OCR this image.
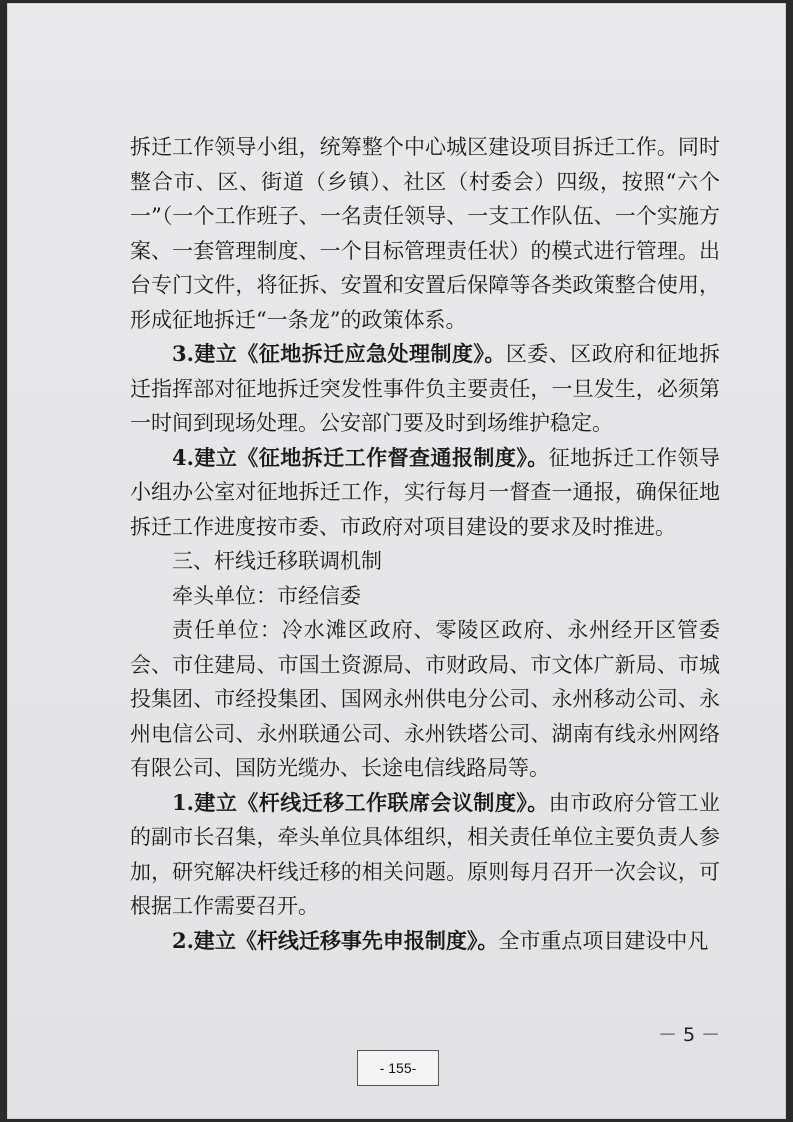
拆迁工作领导小组，统筹整个中心城区建设项目拆迁工作。同时整合市、区、街道（乡镇）、社区（村委会）四级，按照“六个一”（一个工作班子、一名责任领导、一支工作队伍、一个实施方案、一套管理制度、一个目标管理责任状）的模式进行管理。出台专门文件，将征拆、安置和安置后保障等各类政策整合使用，形成征地拆迁“一条龙”的政策体系。

3.建立《征地拆迁应急处理制度》。区委、区政府和征地拆迁指挥部对征地拆迁突发性事件负主要责任，一旦发生，必须第一时间到现场处理。公安部门要及时到场维护稳定。

4.建立《征地拆迁工作督查通报制度》。征地拆迁工作领导小组办公室对征地拆迁工作，实行每月一督查一通报，确保征地拆迁工作进度按市委、市政府对项目建设的要求及时推进。

三、杆线迁移联调机制

牵头单位：市经信委

责任单位：冷水滩区政府、零陵区政府、永州经开区管委会、市住建局、市国土资源局、市财政局、市文体广新局、市城投集团、市经投集团、国网永州供电分公司、永州移动公司、永州电信公司、永州联通公司、永州铁塔公司、湖南有线永州网络有限公司、国防光缆办、长途电信线路局等。

1.建立《杆线迁移工作联席会议制度》。由市政府分管工业的副市长召集，牵头单位具体组织，相关责任单位主要负责人参加，研究解决杆线迁移的相关问题。原则每月召开一次会议，可根据工作需要召开。

2.建立《杆线迁移事先申报制度》。全市重点项目建设中凡

－ 5 －
- 155-
